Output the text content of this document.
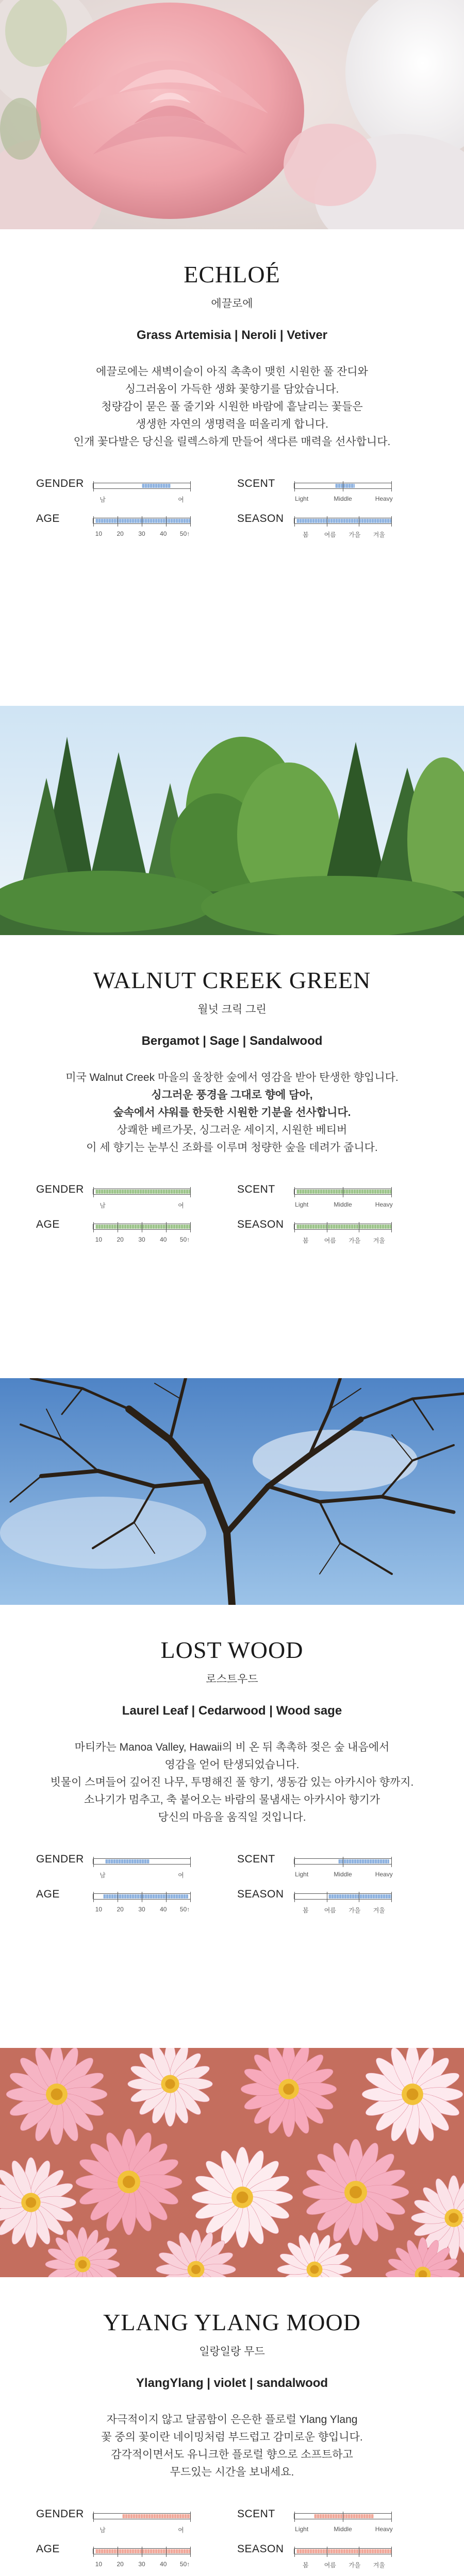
ECHLOÉ
에끌로에
Grass Artemisia | Neroli | Vetiver

에끌로에는 새벽이슬이 아직 촉촉이 맺힌 시원한 풀 잔디와

싱그러움이 가득한 생화 꽃향기를 담았습니다.

청량감이 묻은 풀 줄기와 시원한 바람에 흩날리는 꽃들은

생생한 자연의 생명력을 떠올리게 합니다.

인개 꽃다발은 당신을 릴렉스하게 만들어 색다른 매력을 선사합니다.

GENDER
남	여
AGE
10 20 30 40 50↑
SCENT
Light	Middle	Heavy
SEASON
봄	여름 가을 겨울
WALNUT CREEK GREEN
월넛 크릭 그린
Bergamot | Sage | Sandalwood

미국 Walnut Creek 마을의 울창한 숲에서 영감을 받아 탄생한 향입니다.

싱그러운 풍경을 그대로 향에 담아,

숲속에서 샤워를 한듯한 시원한 기분을 선사합니다.

상쾌한 베르가못, 싱그러운 세이지, 시원한 베티버

이 세 향기는 눈부신 조화를 이루며 청량한 숲을 데려가 줍니다.

GENDER
남	여
AGE
10 20 30 40 50↑
SCENT
Light	Middle	Heavy
SEASON
봄	여름 가을 겨울
LOST WOOD
로스트우드
Laurel Leaf | Cedarwood | Wood sage

마티카는 Manoa Valley, Hawaii의 비 온 뒤 촉촉하 젖은 숲 내음에서

영감을 얻어 탄생되었습니다.

빗물이 스며들어 깊어진 나무, 투명해진 풀 향기, 생동감 있는 아카시아 향까지.

소나기가 멈추고, 축 붙어오는 바람의 물냄새는 아카시아 향기가

당신의 마음을 움직일 것입니다.

GENDER
남	여
AGE
10 20 30 40 50↑
SCENT
Light	Middle	Heavy
SEASON
봄	여름 가을 겨울
YLANG YLANG MOOD
일랑일랑 무드
YlangYlang | violet | sandalwood

자극적이지 않고 달콤함이 은은한 플로럴 Ylang Ylang

꽃 중의 꽃이란 네이밍처럼 부드럽고 감미로운 향입니다.

감각적이면서도 유니크한 플로럴 향으로 소프트하고

무드있는 시간을 보내세요.

GENDER
남	여
AGE
10 20 30 40 50↑
SCENT
Light	Middle	Heavy
SEASON
봄	여름 가을 겨울
